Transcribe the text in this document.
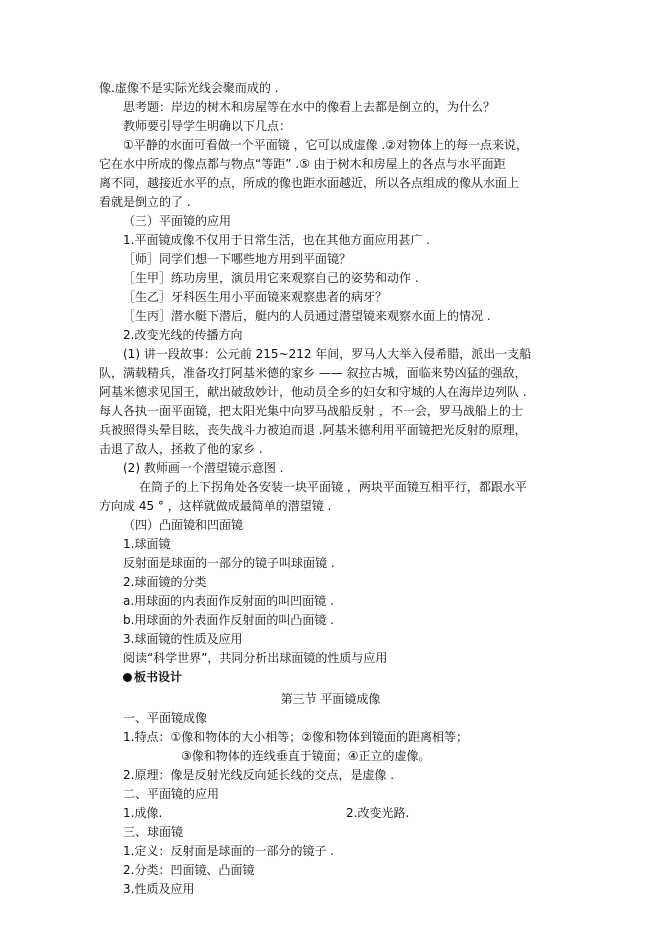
像.虚像不是实际光线会聚而成的 .
思考题：岸边的树木和房屋等在水中的像看上去都是倒立的，为什么？
教师要引导学生明确以下几点：
①平静的水面可看做一个平面镜 ，它可以成虚像 .②对物体上的每一点来说，
它在水中所成的像点都与物点“等距” .⑤ 由于树木和房屋上的各点与水平面距
离不同，越接近水平的点，所成的像也距水面越近，所以各点组成的像从水面上
看就是倒立的了 .
（三）平面镜的应用
1.平面镜成像不仅用于日常生活，也在其他方面应用甚广 .
［师］同学们想一下哪些地方用到平面镜？
［生甲］练功房里，演员用它来观察自己的姿势和动作 .
［生乙］牙科医生用小平面镜来观察患者的病牙？
［生丙］潜水艇下潜后，艇内的人员通过潜望镜来观察水面上的情况 .
2.改变光线的传播方向
(1) 讲一段故事：公元前 215~212 年间，罗马人大举入侵希腊，派出一支船
队，满载精兵，准备攻打阿基米德的家乡 —— 叙拉古城，面临来势凶猛的强敌，
阿基米德求见国王，献出破敌妙计，他动员全乡的妇女和守城的人在海岸边列队 .
每人各执一面平面镜，把太阳光集中向罗马战船反射 ，不一会，罗马战船上的士
兵被照得头晕目眩，丧失战斗力被迫而退 .阿基米德利用平面镜把光反射的原理，
击退了敌人，拯救了他的家乡 .
(2) 教师画一个潜望镜示意图 .
在筒子的上下拐角处各安装一块平面镜 ，两块平面镜互相平行，都跟水平
方向成 45 ° ，这样就做成最简单的潜望镜 .
（四）凸面镜和凹面镜
1.球面镜
反射面是球面的一部分的镜子叫球面镜 .
2.球面镜的分类
a.用球面的内表面作反射面的叫凹面镜 .
b.用球面的外表面作反射面的叫凸面镜 .
3.球面镜的性质及应用
阅读“科学世界”，共同分析出球面镜的性质与应用
板书设计
第三节 平面镜成像
一、平面镜成像
1.特点：①像和物体的大小相等；②像和物体到镜面的距离相等；
③像和物体的连线垂直于镜面；④正立的虚像。
2.原理：像是反射光线反向延长线的交点，是虚像 .
二、平面镜的应用
1.成像.	2.改变光路.
三、球面镜
1.定义：反射面是球面的一部分的镜子 .
2.分类：凹面镜、凸面镜
3.性质及应用
